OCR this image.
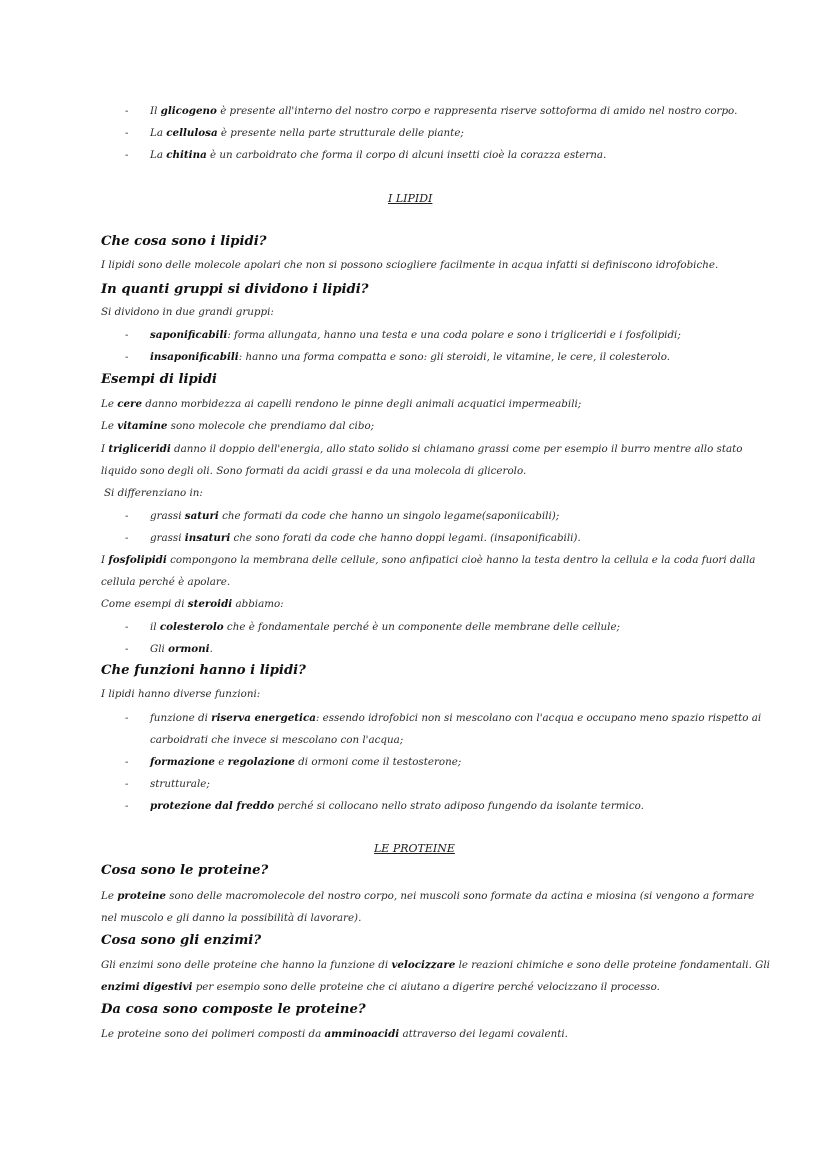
- Il glicogeno è presente all'interno del nostro corpo e rappresenta riserve sottoforma di amido nel nostro corpo.
- La cellulosa è presente nella parte strutturale delle piante;
- La chitina è un carboidrato che forma il corpo di alcuni insetti cioè la corazza esterna.
I LIPIDI
Che cosa sono i lipidi?
I lipidi sono delle molecole apolari che non si possono sciogliere facilmente in acqua infatti si definiscono idrofobiche.
In quanti gruppi si dividono i lipidi?
Si dividono in due grandi gruppi:
- saponificabili: forma allungata, hanno una testa e una coda polare e sono i trigliceridi e i fosfolipidi;
- insaponificabili: hanno una forma compatta e sono: gli steroidi, le vitamine, le cere, il colesterolo.
Esempi di lipidi
Le cere danno morbidezza ai capelli rendono le pinne degli animali acquatici impermeabili;
Le vitamine sono molecole che prendiamo dal cibo;
I trigliceridi danno il doppio dell'energia, allo stato solido si chiamano grassi come per esempio il burro mentre allo stato
liquido sono degli oli. Sono formati da acidi grassi e da una molecola di glicerolo.
Si differenziano in:
- grassi saturi che formati da code che hanno un singolo legame(saponiicabili);
- grassi insaturi che sono forati da code che hanno doppi legami. (insaponificabili).
I fosfolipidi compongono la membrana delle cellule, sono anfipatici cioè hanno la testa dentro la cellula e la coda fuori dalla
cellula perché è apolare.
Come esempi di steroidi abbiamo:
- il colesterolo che è fondamentale perché è un componente delle membrane delle cellule;
- Gli ormoni.
Che funzioni hanno i lipidi?
I lipidi hanno diverse funzioni:
- funzione di riserva energetica: essendo idrofobici non si mescolano con l'acqua e occupano meno spazio rispetto ai
carboidrati che invece si mescolano con l'acqua;
- formazione e regolazione di ormoni come il testosterone;
- strutturale;
- protezione dal freddo perché si collocano nello strato adiposo fungendo da isolante termico.
LE PROTEINE
Cosa sono le proteine?
Le proteine sono delle macromolecole del nostro corpo, nei muscoli sono formate da actina e miosina (si vengono a formare
nel muscolo e gli danno la possibilità di lavorare).
Cosa sono gli enzimi?
Gli enzimi sono delle proteine che hanno la funzione di velocizzare le reazioni chimiche e sono delle proteine fondamentali. Gli
enzimi digestivi per esempio sono delle proteine che ci aiutano a digerire perché velocizzano il processo.
Da cosa sono composte le proteine?
Le proteine sono dei polimeri composti da amminoacidi attraverso dei legami covalenti.
